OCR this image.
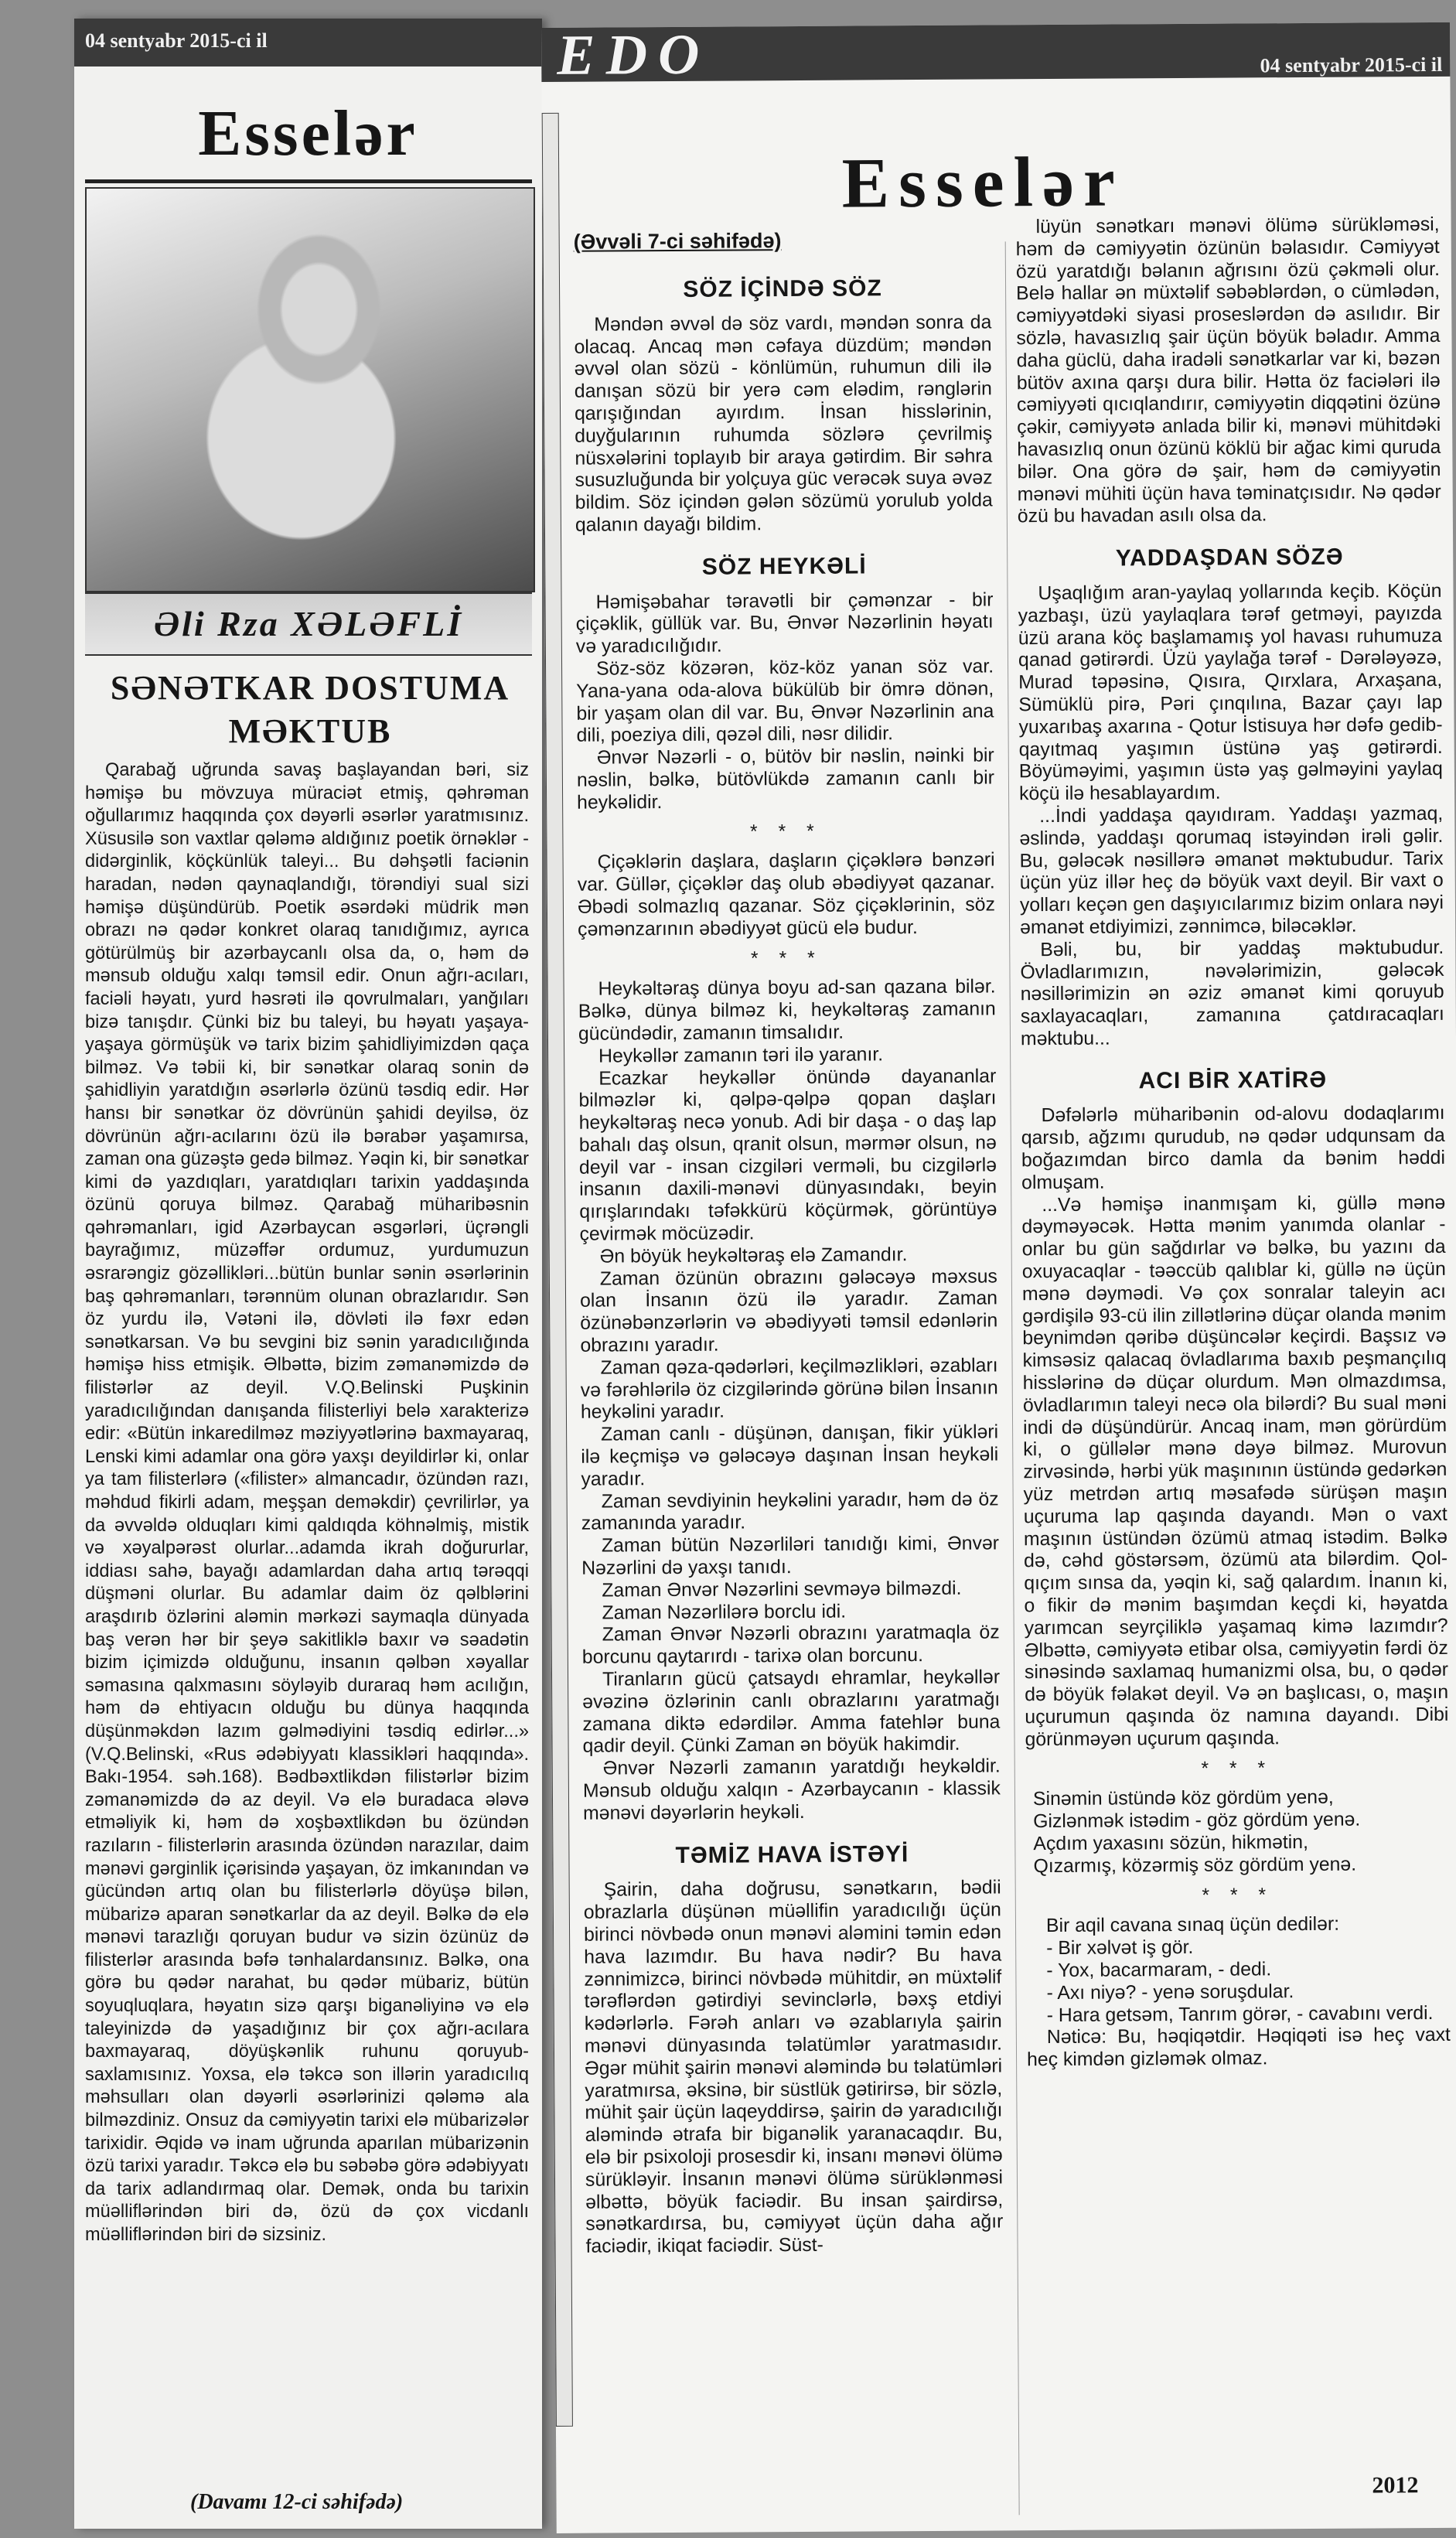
04 sentyabr 2015-ci il
Esselər
Əli Rza XƏLƏFLİ
SƏNƏTKAR DOSTUMA MƏKTUB

Qarabağ uğrunda savaş başlayandan bəri, siz həmişə bu mövzuya müraciət etmiş, qəhrəman oğullarımız haqqında çox dəyərli əsərlər yaratmısınız. Xüsusilə son vaxtlar qələmə aldığınız poetik örnəklər - didərginlik, köçkünlük taleyi... Bu dəhşətli faciənin haradan, nədən qaynaqlandığı, törəndiyi sual sizi həmişə düşündürüb. Poetik əsərdəki müdrik mən obrazı nə qədər konkret olaraq tanıdığımız, ayrıca götürülmüş bir azərbaycanlı olsa da, o, həm də mənsub olduğu xalqı təmsil edir. Onun ağrı-acıları, faciəli həyatı, yurd həsrəti ilə qovrulmaları, yanğıları bizə tanışdır. Çünki biz bu taleyi, bu həyatı yaşaya-yaşaya görmüşük və tarix bizim şahidliyimizdən qaça bilməz. Və təbii ki, bir sənətkar olaraq sonin də şahidliyin yaratdığın əsərlərlə özünü təsdiq edir. Hər hansı bir sənətkar öz dövrünün şahidi deyilsə, öz dövrünün ağrı-acılarını özü ilə bərabər yaşamırsa, zaman ona güzəştə gedə bilməz. Yəqin ki, bir sənətkar kimi də yazdıqları, yaratdıqları tarixin yaddaşında özünü qoruya bilməz. Qarabağ müharibəsnin qəhrəmanları, igid Azərbaycan əsgərləri, üçrəngli bayrağımız, müzəffər ordumuz, yurdumuzun əsrarəngiz gözəllikləri...bütün bunlar sənin əsərlərinin baş qəhrəmanları, tərənnüm olunan obrazlarıdır. Sən öz yurdu ilə, Vətəni ilə, dövləti ilə fəxr edən sənətkarsan. Və bu sevgini biz sənin yaradıcılığında həmişə hiss etmişik. Əlbəttə, bizim zəmanəmizdə də filistərlər az deyil. V.Q.Belinski Puşkinin yaradıcılığından danışanda filisterliyi belə xarakterizə edir: «Bütün inkaredilməz məziyyətlərinə baxmayaraq, Lenski kimi adamlar ona görə yaxşı deyildirlər ki, onlar ya tam filisterlərə («filister» almancadır, özündən razı, məhdud fikirli adam, meşşan deməkdir) çevrilirlər, ya da əvvəldə olduqları kimi qaldıqda köhnəlmiş, mistik və xəyalpərəst olurlar...adamda ikrah doğururlar, iddiası sahə, bayağı adamlardan daha artıq tərəqqi düşməni olurlar. Bu adamlar daim öz qəlblərini araşdırıb özlərini aləmin mərkəzi saymaqla dünyada baş verən hər bir şeyə sakitliklə baxır və səadətin bizim içimizdə olduğunu, insanın qəlbən xəyallar səmasına qalxmasını söyləyib duraraq həm acılığın, həm də ehtiyacın olduğu bu dünya haqqında düşünməkdən lazım gəlmədiyini təsdiq edirlər...» (V.Q.Belinski, «Rus ədəbiyyatı klassikləri haqqında». Bakı-1954. səh.168). Bədbəxtlikdən filistərlər bizim zəmanəmizdə də az deyil. Və elə buradaca ələvə etməliyik ki, həm də xoşbəxtlikdən bu özündən razıların - filisterlərin arasında özündən narazılar, daim mənəvi gərginlik içərisində yaşayan, öz imkanından və gücündən artıq olan bu filisterlərlə döyüşə bilən, mübarizə aparan sənətkarlar da az deyil. Bəlkə də elə mənəvi tarazlığı qoruyan budur və sizin özünüz də filisterlər arasında bəfə tənhalardansınız. Bəlkə, ona görə bu qədər narahat, bu qədər mübariz, bütün soyuqluqlara, həyatın sizə qarşı biganəliyinə və elə taleyinizdə də yaşadığınız bir çox ağrı-acılara baxmayaraq, döyüşkənlik ruhunu qoruyub-saxlamısınız. Yoxsa, elə təkcə son illərin yaradıcılıq məhsulları olan dəyərli əsərlərinizi qələmə ala bilməzdiniz. Onsuz da cəmiyyətin tarixi elə mübarizələr tarixidir. Əqidə və inam uğrunda aparılan mübarizənin özü tarixi yaradır. Təkcə elə bu səbəbə görə ədəbiyyatı da tarix adlandırmaq olar. Demək, onda bu tarixin müəlliflərindən biri də, özü də çox vicdanlı müəlliflərindən biri də sizsiniz.

(Davamı 12-ci səhifədə)
EDO	04 sentyabr 2015-ci il
Esselər
(Əvvəli 7-ci səhifədə)
SÖZ İÇİNDƏ SÖZ

Məndən əvvəl də söz vardı, məndən sonra da olacaq. Ancaq mən cəfaya düzdüm; məndən əvvəl olan sözü - könlümün, ruhumun dili ilə danışan sözü bir yerə cəm elədim, rənglərin qarışığından ayırdım. İnsan hisslərinin, duyğularının ruhumda sözlərə çevrilmiş nüsxələrini toplayıb bir araya gətirdim. Bir səhra susuzluğunda bir yolçuya güc verəcək suya əvəz bildim. Söz içindən gələn sözümü yorulub yolda qalanın dayağı bildim.

SÖZ HEYKƏLİ

Həmişəbahar təravətli bir çəmənzar - bir çiçəklik, güllük var. Bu, Ənvər Nəzərlinin həyatı və yaradıcılığıdır.

Söz-söz közərən, köz-köz yanan söz var. Yana-yana oda-alova bükülüb bir ömrə dönən, bir yaşam olan dil var. Bu, Ənvər Nəzərlinin ana dili, poeziya dili, qəzəl dili, nəsr dilidir.

Ənvər Nəzərli - o, bütöv bir nəslin, nəinki bir nəslin, bəlkə, bütövlükdə zamanın canlı bir heykəlidir.

* * *

Çiçəklərin daşlara, daşların çiçəklərə bənzəri var. Güllər, çiçəklər daş olub əbədiyyət qazanar. Əbədi solmazlıq qazanar. Söz çiçəklərinin, söz çəmənzarının əbədiyyət gücü elə budur.

* * *

Heykəltəraş dünya boyu ad-san qazana bilər. Bəlkə, dünya bilməz ki, heykəltəraş zamanın gücündədir, zamanın timsalıdır.

Heykəllər zamanın təri ilə yaranır.

Ecazkar heykəllər önündə dayananlar bilməzlər ki, qəlpə-qəlpə qopan daşları heykəltəraş necə yonub. Adi bir daşa - o daş lap bahalı daş olsun, qranit olsun, mərmər olsun, nə deyil var - insan cizgiləri verməli, bu cizgilərlə insanın daxili-mənəvi dünyasındakı, beyin qırışlarındakı təfəkkürü köçürmək, görüntüyə çevirmək möcüzədir.

Ən böyük heykəltəraş elə Zamandır.

Zaman özünün obrazını gələcəyə məxsus olan İnsanın özü ilə yaradır. Zaman özünəbənzərlərin və əbədiyyəti təmsil edənlərin obrazını yaradır.

Zaman qəza-qədərləri, keçilməzlikləri, əzabları və fərəhlərilə öz cizgilərində görünə bilən İnsanın heykəlini yaradır.

Zaman canlı - düşünən, danışan, fikir yükləri ilə keçmişə və gələcəyə daşınan İnsan heykəli yaradır.

Zaman sevdiyinin heykəlini yaradır, həm də öz zamanında yaradır.

Zaman bütün Nəzərliləri tanıdığı kimi, Ənvər Nəzərlini də yaxşı tanıdı.

Zaman Ənvər Nəzərlini sevməyə bilməzdi.

Zaman Nəzərlilərə borclu idi.

Zaman Ənvər Nəzərli obrazını yaratmaqla öz borcunu qaytarırdı - tarixə olan borcunu.

Tiranların gücü çatsaydı ehramlar, heykəllər əvəzinə özlərinin canlı obrazlarını yaratmağı zamana diktə edərdilər. Amma fatehlər buna qadir deyil. Çünki Zaman ən böyük hakimdir.

Ənvər Nəzərli zamanın yaratdığı heykəldir. Mənsub olduğu xalqın - Azərbaycanın - klassik mənəvi dəyərlərin heykəli.

TƏMİZ HAVA İSTƏYİ

Şairin, daha doğrusu, sənətkarın, bədii obrazlarla düşünən müəllifin yaradıcılığı üçün birinci növbədə onun mənəvi aləmini təmin edən hava lazımdır. Bu hava nədir? Bu hava zənnimizcə, birinci növbədə mühitdir, ən müxtəlif tərəflərdən gətirdiyi sevinclərlə, bəxş etdiyi kədərlərlə. Fərəh anları və əzablarıyla şairin mənəvi dünyasında təlatümlər yaratmasıdır. Əgər mühit şairin mənəvi aləmində bu təlatümləri yaratmırsa, əksinə, bir süstlük gətirirsə, bir sözlə, mühit şair üçün laqeyddirsə, şairin də yaradıcılığı aləmində ətrafa bir biganəlik yaranacaqdır. Bu, elə bir psixoloji prosesdir ki, insanı mənəvi ölümə sürükləyir. İnsanın mənəvi ölümə sürüklənməsi əlbəttə, böyük faciədir. Bu insan şairdirsə, sənətkardırsa, bu, cəmiyyət üçün daha ağır faciədir, ikiqat faciədir. Süst-

lüyün sənətkarı mənəvi ölümə sürükləməsi, həm də cəmiyyətin özünün bəlasıdır. Cəmiyyət özü yaratdığı bəlanın ağrısını özü çəkməli olur. Belə hallar ən müxtəlif səbəblərdən, o cümlədən, cəmiyyətdəki siyasi proseslərdən də asılıdır. Bir sözlə, havasızlıq şair üçün böyük bəladır. Amma daha güclü, daha iradəli sənətkarlar var ki, bəzən bütöv axına qarşı dura bilir. Hətta öz faciələri ilə cəmiyyəti qıcıqlandırır, cəmiyyətin diqqətini özünə çəkir, cəmiyyətə anlada bilir ki, mənəvi mühitdəki havasızlıq onun özünü köklü bir ağac kimi quruda bilər. Ona görə də şair, həm də cəmiyyətin mənəvi mühiti üçün hava təminatçısıdır. Nə qədər özü bu havadan asılı olsa da.

YADDAŞDAN SÖZƏ

Uşaqlığım aran-yaylaq yollarında keçib. Köçün yazbaşı, üzü yaylaqlara tərəf getməyi, payızda üzü arana köç başlamamış yol havası ruhumuza qanad gətirərdi. Üzü yaylağa tərəf - Dərələyəzə, Murad təpəsinə, Qısıra, Qırxlara, Arxaşana, Sümüklü pirə, Pəri çınqılına, Bazar çayı lap yuxarıbaş axarına - Qotur İstisuya hər dəfə gedib-qayıtmaq yaşımın üstünə yaş gətirərdi. Böyüməyimi, yaşımın üstə yaş gəlməyini yaylaq köçü ilə hesablayardım.

...İndi yaddaşa qayıdıram. Yaddaşı yazmaq, əslində, yaddaşı qorumaq istəyindən irəli gəlir. Bu, gələcək nəsillərə əmanət məktubudur. Tarix üçün yüz illər heç də böyük vaxt deyil. Bir vaxt o yolları keçən gen daşıyıcılarımız bizim onlara nəyi əmanət etdiyimizi, zənnimcə, biləcəklər.

Bəli, bu, bir yaddaş məktubudur. Övladlarımızın, nəvələrimizin, gələcək nəsillərimizin ən əziz əmanət kimi qoruyub saxlayacaqları, zamanına çatdıracaqları məktubu...

ACI BİR XATİRƏ

Dəfələrlə müharibənin od-alovu dodaqlarımı qarsıb, ağzımı qurudub, nə qədər udqunsam da boğazımdan birco damla da bənim həddi olmuşam.

...Və həmişə inanmışam ki, güllə mənə dəyməyəcək. Hətta mənim yanımda olanlar - onlar bu gün sağdırlar və bəlkə, bu yazını da oxuyacaqlar - təəccüb qalıblar ki, güllə nə üçün mənə dəymədi. Və çox sonralar taleyin acı gərdişilə 93-cü ilin zillətlərinə düçar olanda mənim beynimdən qəribə düşüncələr keçirdi. Başsız və kimsəsiz qalacaq övladlarıma baxıb peşmançılıq hisslərinə də düçar olurdum. Mən olmazdımsa, övladlarımın taleyi necə ola bilərdi? Bu sual məni indi də düşündürür. Ancaq inam, mən görürdüm ki, o güllələr mənə dəyə bilməz. Murovun zirvəsində, hərbi yük maşınının üstündə gedərkən yüz metrdən artıq məsafədə sürüşən maşın uçuruma lap qaşında dayandı. Mən o vaxt maşının üstündən özümü atmaq istədim. Bəlkə də, cəhd göstərsəm, özümü ata bilərdim. Qol-qıçım sınsa da, yəqin ki, sağ qalardım. İnanın ki, o fikir də mənim başımdan keçdi ki, həyatda yarımcan seyrçiliklə yaşamaq kimə lazımdır? Əlbəttə, cəmiyyətə etibar olsa, cəmiyyətin fərdi öz sinəsində saxlamaq humanizmi olsa, bu, o qədər də böyük fəlakət deyil. Və ən başlıcası, o, maşın uçurumun qaşında öz namına dayandı. Dibi görünməyən uçurum qaşında.

* * *

Sinəmin üstündə köz gördüm yenə,

Gizlənmək istədim - göz gördüm yenə.

Açdım yaxasını sözün, hikmətin,

Qızarmış, közərmiş söz gördüm yenə.

* * *

Bir aqil cavana sınaq üçün dedilər:

- Bir xəlvət iş gör.

- Yox, bacarmaram, - dedi.

- Axı niyə? - yenə soruşdular.

- Hara getsəm, Tanrım görər, - cavabını verdi.

Nəticə: Bu, həqiqətdir. Həqiqəti isə heç vaxt heç kimdən gizləmək olmaz.

2012
